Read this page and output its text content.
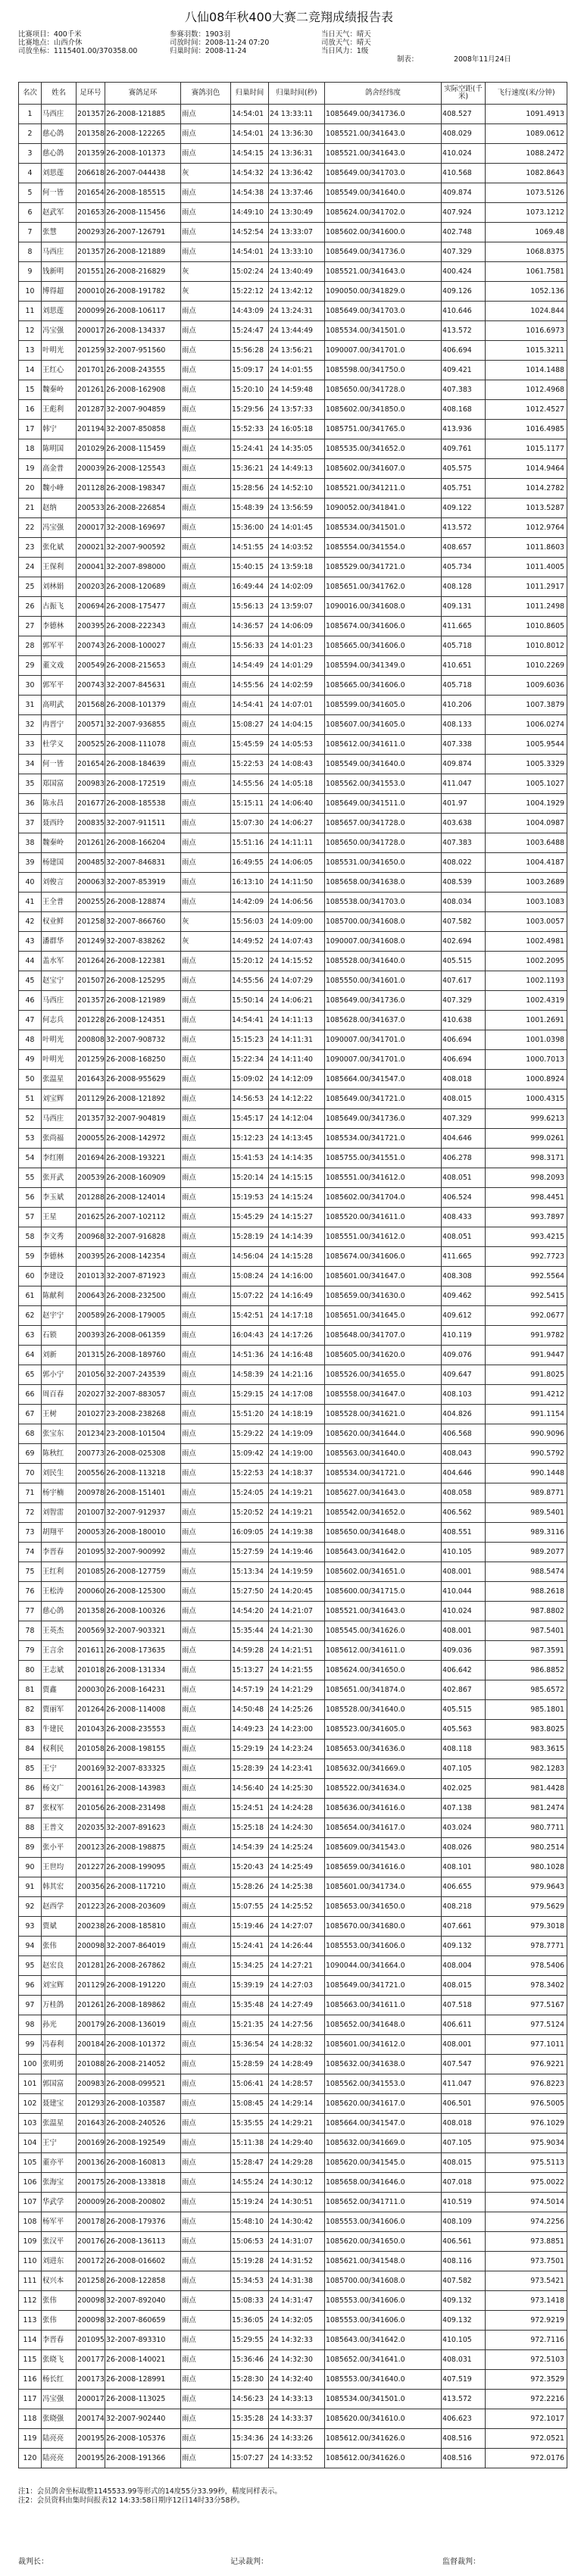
八仙08年秋400大赛二竞翔成绩报告表
比赛项目：400千米
比赛地点：山西介休
司放坐标：1115401.00/370358.00
参赛羽数：1903羽
司放时间：2008-11-24 07:20
归巢时间：2008-11-24
当日天气：晴天
司放天气：晴天
当日风力：1级
制表：	2008年11月24日
名次	姓名	足环号	赛鸽足环	赛鸽羽色	归巢时间	归巢时间(秒)	鸽舍经纬度	实际空距(千米)	飞行速度(米/分钟)
1	马西庄	201357	26-2008-121885	雨点	14:54:01	24 13:33:11	1085649.00/341736.0	408.527	1091.4913
2	慈心鸽	201358	26-2008-122265	雨点	14:54:01	24 13:36:30	1085521.00/341643.0	408.029	1089.0612
3	慈心鸽	201359	26-2008-101373	雨点	14:54:15	24 13:36:31	1085521.00/341643.0	410.024	1088.2472
4	刘思莲	206618	26-2007-044438	灰	14:54:32	24 13:36:42	1085649.00/341703.0	410.568	1082.8643
5	何一皆	201654	26-2008-185515	雨点	14:54:38	24 13:37:46	1085549.00/341640.0	409.874	1073.5126
6	赵武军	201653	26-2008-115456	雨点	14:49:10	24 13:30:49	1085624.00/341702.0	407.924	1073.1212
7	张慧	200293	26-2007-126791	雨点	14:52:54	24 13:33:07	1085602.00/341600.0	402.748	1069.48
8	马西庄	201357	26-2008-121889	雨点	14:54:01	24 13:33:10	1085649.00/341736.0	407.329	1068.8375
9	钱新明	201551	26-2008-216829	灰	15:02:24	24 13:40:49	1085521.00/341643.0	400.424	1061.7581
10	博得超	200010	26-2008-191782	灰	15:22:12	24 13:42:12	1090050.00/341829.0	409.126	1052.136
11	刘思莲	200099	26-2008-106117	雨点	14:43:09	24 13:24:31	1085649.00/341703.0	410.646	1024.844
12	冯宝强	200017	26-2008-134337	雨点	15:24:47	24 13:44:49	1085534.00/341501.0	413.572	1016.6973
13	叶明光	201259	32-2007-951560	雨点	15:56:28	24 13:56:21	1090007.00/341701.0	406.694	1015.3211
14	王红心	201701	26-2008-243555	雨点	15:09:17	24 14:01:55	1085598.00/341750.0	409.421	1014.1488
15	魏秦岭	201261	26-2008-162908	雨点	15:20:10	24 14:59:48	1085650.00/341728.0	407.383	1012.4968
16	王彪利	201287	32-2007-904859	雨点	15:29:56	24 13:57:33	1085602.00/341850.0	408.168	1012.4527
17	韩宁	201194	32-2007-850858	雨点	15:52:33	24 16:05:18	1085751.00/341765.0	413.936	1016.4985
18	陈明国	201029	26-2008-115459	雨点	15:24:41	24 14:35:05	1085535.00/341652.0	409.761	1015.1177
19	高金普	200039	26-2008-125543	雨点	15:36:21	24 14:49:13	1085602.00/341607.0	405.575	1014.9464
20	魏小峰	201128	26-2008-198347	雨点	15:28:56	24 14:52:10	1085521.00/341211.0	405.751	1014.2782
21	赵纳	200533	26-2008-226854	雨点	15:48:39	24 13:56:59	1090052.00/341841.0	409.122	1013.5287
22	冯宝强	200017	32-2008-169697	雨点	15:36:00	24 14:01:45	1085534.00/341501.0	413.572	1012.9764
23	张化斌	200021	32-2007-900592	雨点	14:51:55	24 14:03:52	1085554.00/341554.0	408.657	1011.8603
24	王保利	200041	32-2007-898000	雨点	15:40:15	24 13:59:18	1085529.00/341721.0	405.734	1011.4005
25	刘林娟	200203	26-2008-120689	雨点	16:49:44	24 14:02:09	1085651.00/341762.0	408.128	1011.2917
26	古振飞	200694	26-2008-175477	雨点	15:56:13	24 13:59:07	1090016.00/341608.0	409.131	1011.2498
27	李德林	200395	26-2008-222343	雨点	14:36:57	24 14:06:09	1085674.00/341606.0	411.665	1010.8605
28	郭军平	200743	26-2008-100027	雨点	15:56:33	24 14:01:23	1085665.00/341606.0	405.718	1010.8012
29	董文戏	200549	26-2008-215653	雨点	14:54:49	24 14:01:29	1085594.00/341349.0	410.651	1010.2269
30	郭军平	200743	32-2007-845631	雨点	14:55:56	24 14:02:59	1085665.00/341606.0	405.718	1009.6036
31	高明武	201568	26-2008-101379	雨点	14:54:41	24 14:07:01	1085599.00/341605.0	410.206	1007.3879
32	冉晋宁	200571	32-2007-936855	雨点	15:08:27	24 14:04:15	1085607.00/341605.0	408.133	1006.0274
33	杜学义	200525	26-2008-111078	雨点	15:45:59	24 14:05:53	1085612.00/341611.0	407.338	1005.9544
34	何一皆	201654	26-2008-184639	雨点	15:22:53	24 14:08:43	1085549.00/341640.0	409.874	1005.3329
35	郑国富	200983	26-2008-172519	雨点	14:55:56	24 14:05:18	1085562.00/341553.0	411.047	1005.1027
36	陈永昌	201677	26-2008-185538	雨点	15:15:11	24 14:06:40	1085649.00/341511.0	401.97	1004.1929
37	聂西玲	200835	32-2007-911511	雨点	15:07:30	24 14:06:27	1085657.00/341728.0	403.638	1004.0987
38	魏秦岭	201261	26-2008-166204	雨点	15:51:16	24 14:11:11	1085650.00/341728.0	407.383	1003.6488
39	杨建国	200485	32-2007-846831	雨点	16:49:55	24 14:06:05	1085531.00/341650.0	408.022	1004.4187
40	刘俊言	200063	32-2007-853919	雨点	16:13:10	24 14:11:50	1085658.00/341638.0	408.539	1003.2689
41	王全普	200255	26-2008-128874	雨点	14:42:09	24 14:06:56	1085538.00/341703.0	408.034	1003.1083
42	权业鲜	201258	32-2007-866760	灰	15:56:03	24 14:09:00	1085700.00/341608.0	407.582	1003.0057
43	潘群华	201249	32-2007-838262	灰	14:49:52	24 14:07:43	1090007.00/341608.0	402.694	1002.4981
44	盖水军	201264	26-2008-122381	雨点	15:20:12	24 14:15:52	1085528.00/341640.0	405.515	1002.2095
45	赵宝宁	201507	26-2008-125295	雨点	14:55:56	24 14:07:29	1085550.00/341601.0	407.617	1002.1193
46	马西庄	201357	26-2008-121989	雨点	15:50:14	24 14:06:21	1085649.00/341736.0	407.329	1002.4319
47	何志兵	201228	26-2008-124351	雨点	14:54:41	24 14:11:13	1085628.00/341637.0	410.638	1001.2691
48	叶明光	200808	32-2007-908732	雨点	15:15:23	24 14:11:31	1090007.00/341701.0	406.694	1001.0398
49	叶明光	201259	26-2008-168250	雨点	15:22:34	24 14:11:40	1090007.00/341701.0	406.694	1000.7013
50	张温星	201643	26-2008-955629	雨点	15:09:02	24 14:12:09	1085664.00/341547.0	408.018	1000.8924
51	刘宝辉	201129	26-2008-121892	雨点	14:56:53	24 14:12:22	1085649.00/341721.0	408.015	1000.4315
52	马西庄	201357	32-2007-904819	雨点	15:45:17	24 14:12:04	1085649.00/341736.0	407.329	999.6213
53	张尚福	200055	26-2008-142972	雨点	15:12:23	24 14:13:45	1085534.00/341721.0	404.646	999.0261
54	李红刚	201694	26-2008-193221	雨点	15:41:53	24 14:14:35	1085755.00/341551.0	406.278	998.3171
55	张开武	200539	26-2008-160909	雨点	15:20:14	24 14:15:15	1085551.00/341612.0	408.051	998.2093
56	李玉斌	201288	26-2008-124014	雨点	15:19:53	24 14:15:24	1085602.00/341704.0	406.524	998.4451
57	王星	201625	26-2007-102112	雨点	15:45:29	24 14:15:27	1085520.00/341611.0	408.433	993.7897
58	李文秀	200968	32-2007-916828	雨点	15:28:19	24 14:14:39	1085551.00/341612.0	408.051	993.4215
59	李德林	200395	26-2008-142354	雨点	14:56:04	24 14:15:28	1085674.00/341606.0	411.665	992.7723
60	李建设	201013	32-2007-871923	雨点	15:08:24	24 14:16:00	1085601.00/341647.0	408.308	992.5564
61	陈献利	200643	26-2008-232500	雨点	15:07:22	24 14:16:49	1085659.00/341630.0	409.462	992.5415
62	赵宇宁	200589	26-2008-179005	雨点	15:42:51	24 14:17:18	1085651.00/341645.0	409.612	992.0677
63	石锁	200393	26-2008-061359	雨点	16:04:43	24 14:17:26	1085648.00/341707.0	410.119	991.9782
64	刘新	201315	26-2008-189760	雨点	14:51:36	24 14:16:48	1085605.00/341620.0	409.076	991.9447
65	郭小宁	201056	32-2007-243539	雨点	14:58:39	24 14:21:16	1085526.00/341655.0	409.647	991.8025
66	周百春	202027	32-2007-883057	雨点	15:29:15	24 14:17:08	1085558.00/341647.0	408.103	991.4212
67	王树	201027	23-2008-238268	雨点	15:51:20	24 14:18:19	1085528.00/341621.0	404.826	991.1154
68	张宝东	201234	23-2008-101504	雨点	15:29:22	24 14:19:09	1085620.00/341644.0	406.568	990.9096
69	陈秋红	200773	26-2008-025308	雨点	15:09:42	24 14:19:00	1085563.00/341640.0	408.043	990.5792
70	刘民生	200556	26-2008-113218	雨点	15:22:53	24 14:18:37	1085534.00/341721.0	404.646	990.1448
71	杨宇楠	200978	26-2008-151401	雨点	15:24:05	24 14:19:21	1085627.00/341643.0	408.058	989.8771
72	刘智雷	201007	32-2007-912937	雨点	15:20:52	24 14:19:21	1085542.00/341652.0	406.562	989.5401
73	胡翔平	200053	26-2008-180010	雨点	16:09:05	24 14:19:38	1085650.00/341648.0	408.551	989.3116
74	李晋春	201095	32-2007-900992	雨点	15:27:59	24 14:19:46	1085643.00/341642.0	410.105	989.2077
75	王红利	201085	26-2008-127759	雨点	15:13:34	24 14:19:59	1085602.00/341651.0	408.001	988.5474
76	王松涛	200060	26-2008-125300	雨点	15:27:50	24 14:20:45	1085600.00/341715.0	410.044	988.2618
77	慈心鸽	201358	26-2008-100326	雨点	14:54:20	24 14:21:07	1085521.00/341643.0	410.024	987.8802
78	王英杰	200569	32-2007-903321	雨点	15:35:44	24 14:21:30	1085545.00/341626.0	408.001	987.5401
79	王言余	201611	26-2008-173635	雨点	14:59:28	24 14:21:51	1085612.00/341611.0	409.036	987.3591
80	王志斌	201018	26-2008-131334	雨点	15:13:27	24 14:21:55	1085624.00/341650.0	406.642	986.8852
81	贾鑫	200030	26-2008-164231	雨点	14:57:19	24 14:21:29	1085651.00/341874.0	402.867	985.6572
82	贾丽军	201264	26-2008-114008	雨点	14:50:48	24 14:25:26	1085528.00/341640.0	405.515	985.1801
83	牛建民	201043	26-2008-235553	雨点	14:49:23	24 14:23:00	1085523.00/341605.0	405.563	983.8025
84	权利民	201058	26-2008-198155	雨点	15:29:19	24 14:23:24	1085653.00/341636.0	408.118	983.3615
85	王宁	200169	32-2007-833325	雨点	15:28:39	24 14:23:41	1085632.00/341669.0	407.105	982.1283
86	杨文广	200161	26-2008-143983	雨点	14:56:40	24 14:25:30	1085522.00/341634.0	402.025	981.4428
87	张权军	201056	26-2008-231498	雨点	15:24:51	24 14:24:28	1085636.00/341616.0	407.138	981.2474
88	王普文	202035	32-2007-891623	雨点	15:25:18	24 14:24:30	1085654.00/341617.0	403.024	980.7711
89	张小平	200123	26-2008-198875	雨点	14:54:39	24 14:25:24	1085609.00/341543.0	408.026	980.2514
90	王世均	201227	26-2008-199095	雨点	15:20:43	24 14:25:49	1085659.00/341616.0	408.101	980.1028
91	韩其宏	200356	26-2008-117210	雨点	15:28:26	24 14:25:38	1085601.00/341734.0	406.655	979.9643
92	赵西学	201223	26-2008-203609	雨点	15:07:55	24 14:25:52	1085653.00/341650.0	408.218	979.5629
93	贾斌	200238	26-2008-185810	雨点	15:19:46	24 14:27:07	1085670.00/341680.0	407.661	979.3018
94	张伟	200098	32-2007-864019	雨点	15:24:41	24 14:26:44	1085553.00/341606.0	409.132	978.7771
95	赵宏良	201281	26-2008-267862	雨点	15:34:25	24 14:27:21	1090044.00/341664.0	408.004	978.5406
96	刘宝辉	201129	26-2008-191220	雨点	15:39:19	24 14:27:03	1085649.00/341721.0	408.015	978.3402
97	万桂鸽	201261	26-2008-189862	雨点	15:35:48	24 14:27:49	1085663.00/341611.0	407.518	977.5167
98	孙光	200179	26-2008-136019	雨点	15:21:35	24 14:27:56	1085652.00/341648.0	406.611	977.5124
99	冯春利	200184	26-2008-101372	雨点	15:36:54	24 14:28:32	1085601.00/341612.0	408.001	977.1011
100	张明勇	201088	26-2008-214052	雨点	15:28:59	24 14:28:49	1085632.00/341638.0	407.547	976.9221
101	郭国富	200983	26-2008-099521	雨点	15:06:41	24 14:28:57	1085562.00/341553.0	411.047	976.8223
102	聂建宝	201293	26-2008-103587	雨点	15:08:45	24 14:29:14	1085620.00/341617.0	406.501	976.5005
103	张温星	201643	26-2008-240526	雨点	15:35:55	24 14:29:21	1085664.00/341547.0	408.018	976.1029
104	王宁	200169	26-2008-192549	雨点	15:11:38	24 14:29:40	1085632.00/341669.0	407.105	975.9034
105	董亦平	200136	26-2008-160813	雨点	15:28:47	24 14:29:28	1085620.00/341545.0	408.015	975.5113
106	张海宝	200175	26-2008-133818	雨点	14:55:24	24 14:30:12	1085658.00/341646.0	407.018	975.0022
107	华武学	200009	26-2008-200802	雨点	15:19:24	24 14:30:51	1085652.00/341711.0	410.519	974.5014
108	杨军平	200178	26-2008-179376	雨点	15:48:10	24 14:30:42	1085553.00/341606.0	408.109	974.2256
109	张汉平	200176	26-2008-136113	雨点	15:06:53	24 14:31:07	1085620.00/341650.0	406.561	973.8851
110	刘进东	200172	26-2008-016602	雨点	15:19:28	24 14:31:52	1085621.00/341548.0	408.116	973.7501
111	权兴本	201258	26-2008-122858	雨点	15:34:53	24 14:31:38	1085700.00/341608.0	407.582	973.5421
112	张伟	200098	32-2007-892040	雨点	15:08:33	24 14:31:47	1085553.00/341606.0	409.132	973.1418
113	张伟	200098	32-2007-860659	雨点	15:36:05	24 14:32:05	1085553.00/341606.0	409.132	972.9219
114	李晋春	201095	32-2007-893310	雨点	15:29:55	24 14:32:33	1085643.00/341642.0	410.105	972.7116
115	张晓飞	200177	26-2008-140021	雨点	15:36:46	24 14:32:30	1085652.00/341641.0	408.031	972.5103
116	杨长红	200173	26-2008-128991	雨点	15:28:30	24 14:32:40	1085553.00/341640.0	407.519	972.3529
117	冯宝强	200017	26-2008-113025	雨点	14:56:23	24 14:33:13	1085534.00/341501.0	413.572	972.2216
118	张晓强	200174	32-2007-902440	雨点	15:35:28	24 14:33:37	1085620.00/341610.0	406.623	972.1017
119	陆亮亮	200195	26-2008-105376	雨点	15:34:36	24 14:33:26	1085612.00/341626.0	408.516	972.0521
120	陆亮亮	200195	26-2008-191366	雨点	15:07:27	24 14:33:52	1085612.00/341626.0	408.516	972.0176
注1：会员鸽舍坐标取整1145533.99等形式的14度55分33.99秒，精度同样表示。
注2：会员资料由集时间报表12 14:33:58日期序12日14时33分58秒。
裁判长：	记录裁判：	监督裁判：
